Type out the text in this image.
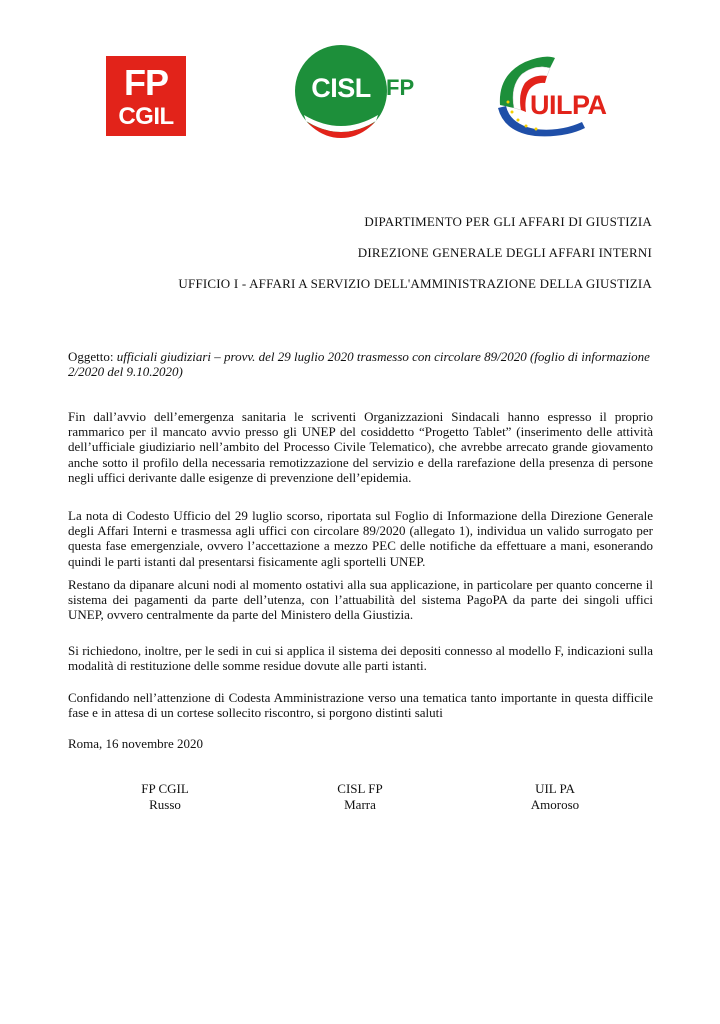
FP
CGIL
CISL FP
UILPA
DIPARTIMENTO PER GLI AFFARI DI GIUSTIZIA
DIREZIONE GENERALE DEGLI AFFARI INTERNI
UFFICIO I - AFFARI A SERVIZIO DELL'AMMINISTRAZIONE DELLA GIUSTIZIA
Oggetto: ufficiali giudiziari – provv. del 29 luglio 2020 trasmesso con circolare 89/2020 (foglio di informazione 2/2020 del 9.10.2020)

Fin dall’avvio dell’emergenza sanitaria le scriventi Organizzazioni Sindacali hanno espresso il proprio rammarico per il mancato avvio presso gli UNEP del cosiddetto “Progetto Tablet” (inserimento delle attività dell’ufficiale giudiziario nell’ambito del Processo Civile Telematico), che avrebbe arrecato grande giovamento anche sotto il profilo della necessaria remotizzazione del servizio e della rarefazione della presenza di persone negli uffici derivante dalle esigenze di prevenzione dell’epidemia.

La nota di Codesto Ufficio del 29 luglio scorso, riportata sul Foglio di Informazione della Direzione Generale degli Affari Interni e trasmessa agli uffici con circolare 89/2020 (allegato 1), individua un valido surrogato per questa fase emergenziale, ovvero l’accettazione a mezzo PEC delle notifiche da effettuare a mani, esonerando quindi le parti istanti dal presentarsi fisicamente agli sportelli UNEP.

Restano da dipanare alcuni nodi al momento ostativi alla sua applicazione, in particolare per quanto concerne il sistema dei pagamenti da parte dell’utenza, con l’attuabilità del sistema PagoPA da parte dei singoli uffici UNEP, ovvero centralmente da parte del Ministero della Giustizia.

Si richiedono, inoltre, per le sedi in cui si applica il sistema dei depositi connesso al modello F, indicazioni sulla modalità di restituzione delle somme residue dovute alle parti istanti.

Confidando nell’attenzione di Codesta Amministrazione verso una tematica tanto importante in questa difficile fase e in attesa di un cortese sollecito riscontro, si porgono distinti saluti

Roma, 16 novembre 2020
FP CGIL
Russo
CISL FP
Marra
UIL PA
Amoroso
